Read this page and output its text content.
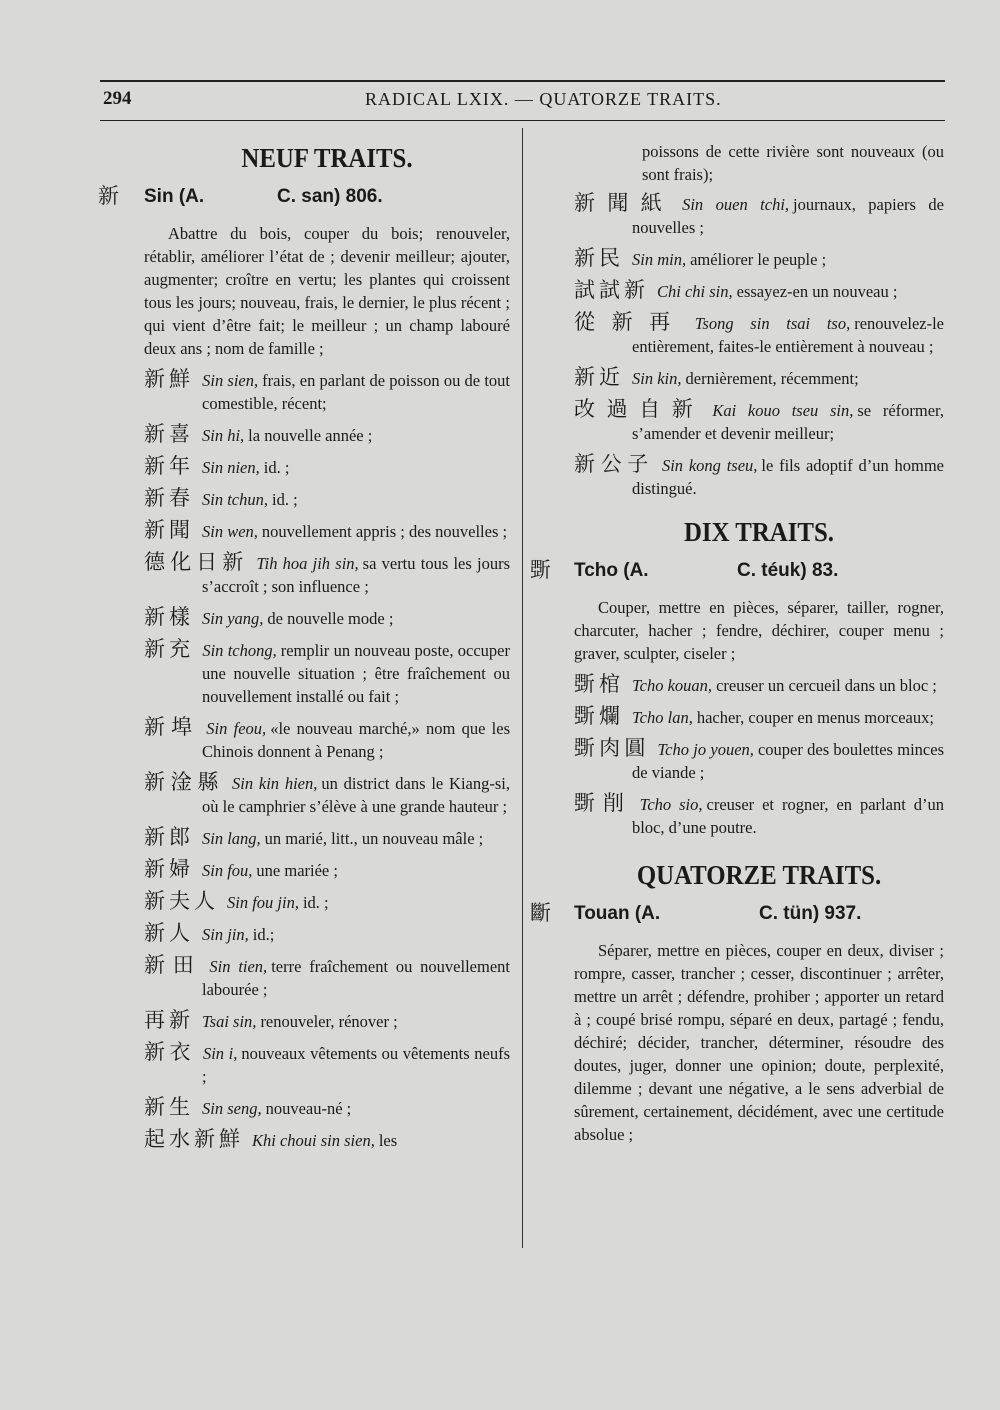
294	RADICAL LXIX. — QUATORZE TRAITS.
NEUF TRAITS.
新 Sin (A.	C. san) 806.

Abattre du bois, couper du bois; renouveler, rétablir, améliorer l’état de ; devenir meilleur; ajouter, augmenter; croître en vertu; les plantes qui croissent tous les jours; nouveau, frais, le dernier, le plus récent ; qui vient d’être fait; le meilleur ; un champ labouré deux ans ; nom de famille ;

新鮮 Sin sien, frais, en parlant de poisson ou de tout comestible, récent;

新喜 Sin hi, la nouvelle année ;

新年 Sin nien, id. ;

新春 Sin tchun, id. ;

新聞 Sin wen, nouvellement appris ; des nouvelles ;

德化日新 Tih hoa jih sin, sa vertu tous les jours s’accroît ; son influence ;

新樣 Sin yang, de nouvelle mode ;

新充 Sin tchong, remplir un nouveau poste, occuper une nouvelle situation ; être fraîchement ou nouvellement installé ou fait ;

新埠 Sin feou, «le nouveau marché,» nom que les Chinois donnent à Penang ;

新淦縣 Sin kin hien, un district dans le Kiang-si, où le camphrier s’élève à une grande hauteur ;

新郎 Sin lang, un marié, litt., un nouveau mâle ;

新婦 Sin fou, une mariée ;

新夫人 Sin fou jin, id. ;

新人 Sin jin, id.;

新田 Sin tien, terre fraîchement ou nouvellement labourée ;

再新 Tsai sin, renouveler, rénover ;

新衣 Sin i, nouveaux vêtements ou vêtements neufs ;

新生 Sin seng, nouveau-né ;

起水新鮮 Khi choui sin sien, les

poissons de cette rivière sont nouveaux (ou sont frais);

新聞紙 Sin ouen tchi, journaux, papiers de nouvelles ;

新民 Sin min, améliorer le peuple ;

試試新 Chi chi sin, essayez-en un nouveau ;

從新再 Tsong sin tsai tso, renouvelez-le entièrement, faites-le entièrement à nouveau ;

新近 Sin kin, dernièrement, récemment;

改過自新 Kai kouo tseu sin, se réformer, s’amender et devenir meilleur;

新公子 Sin kong tseu, le fils adoptif d’un homme distingué.

DIX TRAITS.
斲 Tcho (A.	C. téuk) 83.

Couper, mettre en pièces, séparer, tailler, rogner, charcuter, hacher ; fendre, déchirer, couper menu ; graver, sculpter, ciseler ;

斲棺 Tcho kouan, creuser un cercueil dans un bloc ;

斲爛 Tcho lan, hacher, couper en menus morceaux;

斲肉圓 Tcho jo youen, couper des boulettes minces de viande ;

斲削 Tcho sio, creuser et rogner, en parlant d’un bloc, d’une poutre.

QUATORZE TRAITS.
斷 Touan (A.	C. tün) 937.

Séparer, mettre en pièces, couper en deux, diviser ; rompre, casser, trancher ; cesser, discontinuer ; arrêter, mettre un arrêt ; défendre, prohiber ; apporter un retard à ; coupé brisé rompu, séparé en deux, partagé ; fendu, déchiré; décider, trancher, déterminer, résoudre des doutes, juger, donner une opinion; doute, perplexité, dilemme ; devant une négative, a le sens adverbial de sûrement, certainement, décidément, avec une certitude absolue ;
